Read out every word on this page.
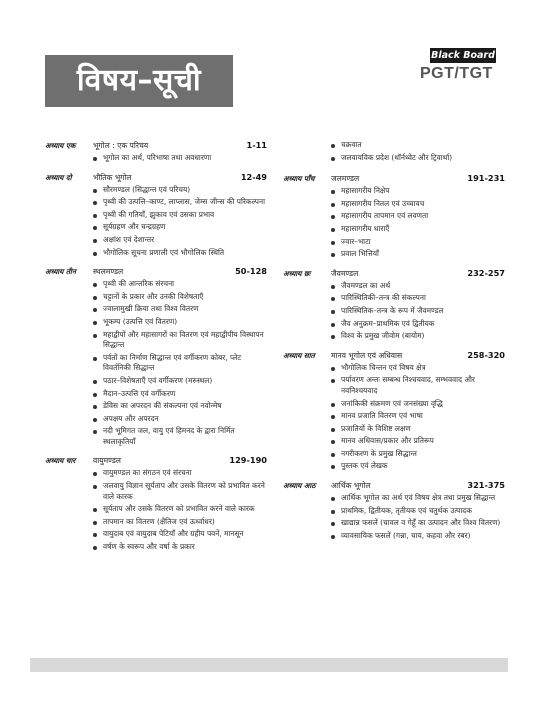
विषय–सूची
Black Board
PGT/TGT
अध्याय एक	भूगोल : एक परिचय	1-11
भूगोल का अर्थ, परिभाषा तथा अवधारणा
अध्याय दो	भौतिक भूगोल	12-49
सौरमण्डल (सिद्धान्त एवं परिचय)
पृथ्वी की उत्पत्ति–काण्ट, लाप्लास, जेम्स जीन्स की परिकल्पना
पृथ्वी की गतियाँ, झुकाव एवं उसका प्रभाव
सूर्यग्रहण और चन्द्रग्रहण
अक्षांश एवं देशान्तर
भौगोलिक सूचना प्रणाली एवं भौगोलिक स्थिति
अध्याय तीन	स्थलमण्डल	50-128
पृथ्वी की आन्तरिक संरचना
चट्टानों के प्रकार और उनकी विशेषताएँ
ज्वालामुखी क्रिया तथा विश्व वितरण
भूकम्प (उत्पत्ति एवं वितरण)
महाद्वीपों और महासागरों का वितरण एवं महाद्वीपीय विस्थापन सिद्धान्त
पर्वतों का निर्माण सिद्धान्त एवं वर्गीकरण कोबर, प्लेट विवर्तनिकी सिद्धान्त
पठार–विशेषताएँ एवं वर्गीकरण (मरुस्थल)
मैदान–उत्पत्ति एवं वर्गीकरण
डेविस का अपरदन की संकल्पना एवं नवोन्मेष
अपक्षय और अपरदन
नदी भूमिगत जल, वायु एवं हिमनद के द्वारा निर्मित स्थलाकृतियाँ
अध्याय चार	वायुमण्डल	129-190
वायुमण्डल का संगठन एवं संरचना
जलवायु विज्ञान सूर्यताप और उसके वितरण को प्रभावित करने वाले कारक
सूर्यताप और उसके वितरण को प्रभावित करने वाले कारक
तापमान का वितरण (क्षैतिज एवं ऊर्ध्वाधर)
वायुदाब एवं वायुदाब पेटियाँ और ग्रहीय पवनें, मानसून
वर्षण के स्वरूप और वर्षा के प्रकार
चक्रवात
जलवायविक प्रदेश (थॉर्नथ्वेट और ट्रिवार्था)
अध्याय पाँच	जलमण्डल	191-231
महासागरीय निक्षेप
महासागरीय नितल एवं उच्चावच
महासागरीय तापमान एवं लवणता
महासागरीय धाराएँ
ज्वार–भाटा
प्रवाल भित्तियाँ
अध्याय छः	जैवमण्डल	232-257
जैवमण्डल का अर्थ
पारिस्थितिकी–तन्त्र की संकल्पना
पारिस्थितिक–तन्त्र के रूप में जैवमण्डल
जैव अनुक्रम–प्राथमिक एवं द्वितीयक
विश्व के प्रमुख जीवोम (बायोम)
अध्याय सात	मानव भूगोल एवं अधिवास	258-320
भौगोलिक चिन्तन एवं विषय क्षेत्र
पर्यावरण अन्तः सम्बन्ध निश्चयवाद, सम्भववाद और नवनिश्चयवाद
जनांकिकी संक्रमण एवं जनसंख्या वृद्धि
मानव प्रजाति वितरण एवं भाषा
प्रजातियों के विशिष्ट लक्षण
मानव अधिवास/प्रकार और प्रतिरूप
नगरीकरण के प्रमुख सिद्धान्त
पुस्तक एवं लेखक
अध्याय आठ	आर्थिक भूगोल	321-375
आर्थिक भूगोल का अर्थ एवं विषय क्षेत्र तथा प्रमुख सिद्धान्त
प्राथमिक, द्वितीयक, तृतीयक एवं चतुर्थक उत्पादक
खाद्यान्न फसलें (चावल व गेहूँ का उत्पादन और विश्व वितरण)
व्यावसायिक फसलें (गन्ना, चाय, कहवा और रबर)
